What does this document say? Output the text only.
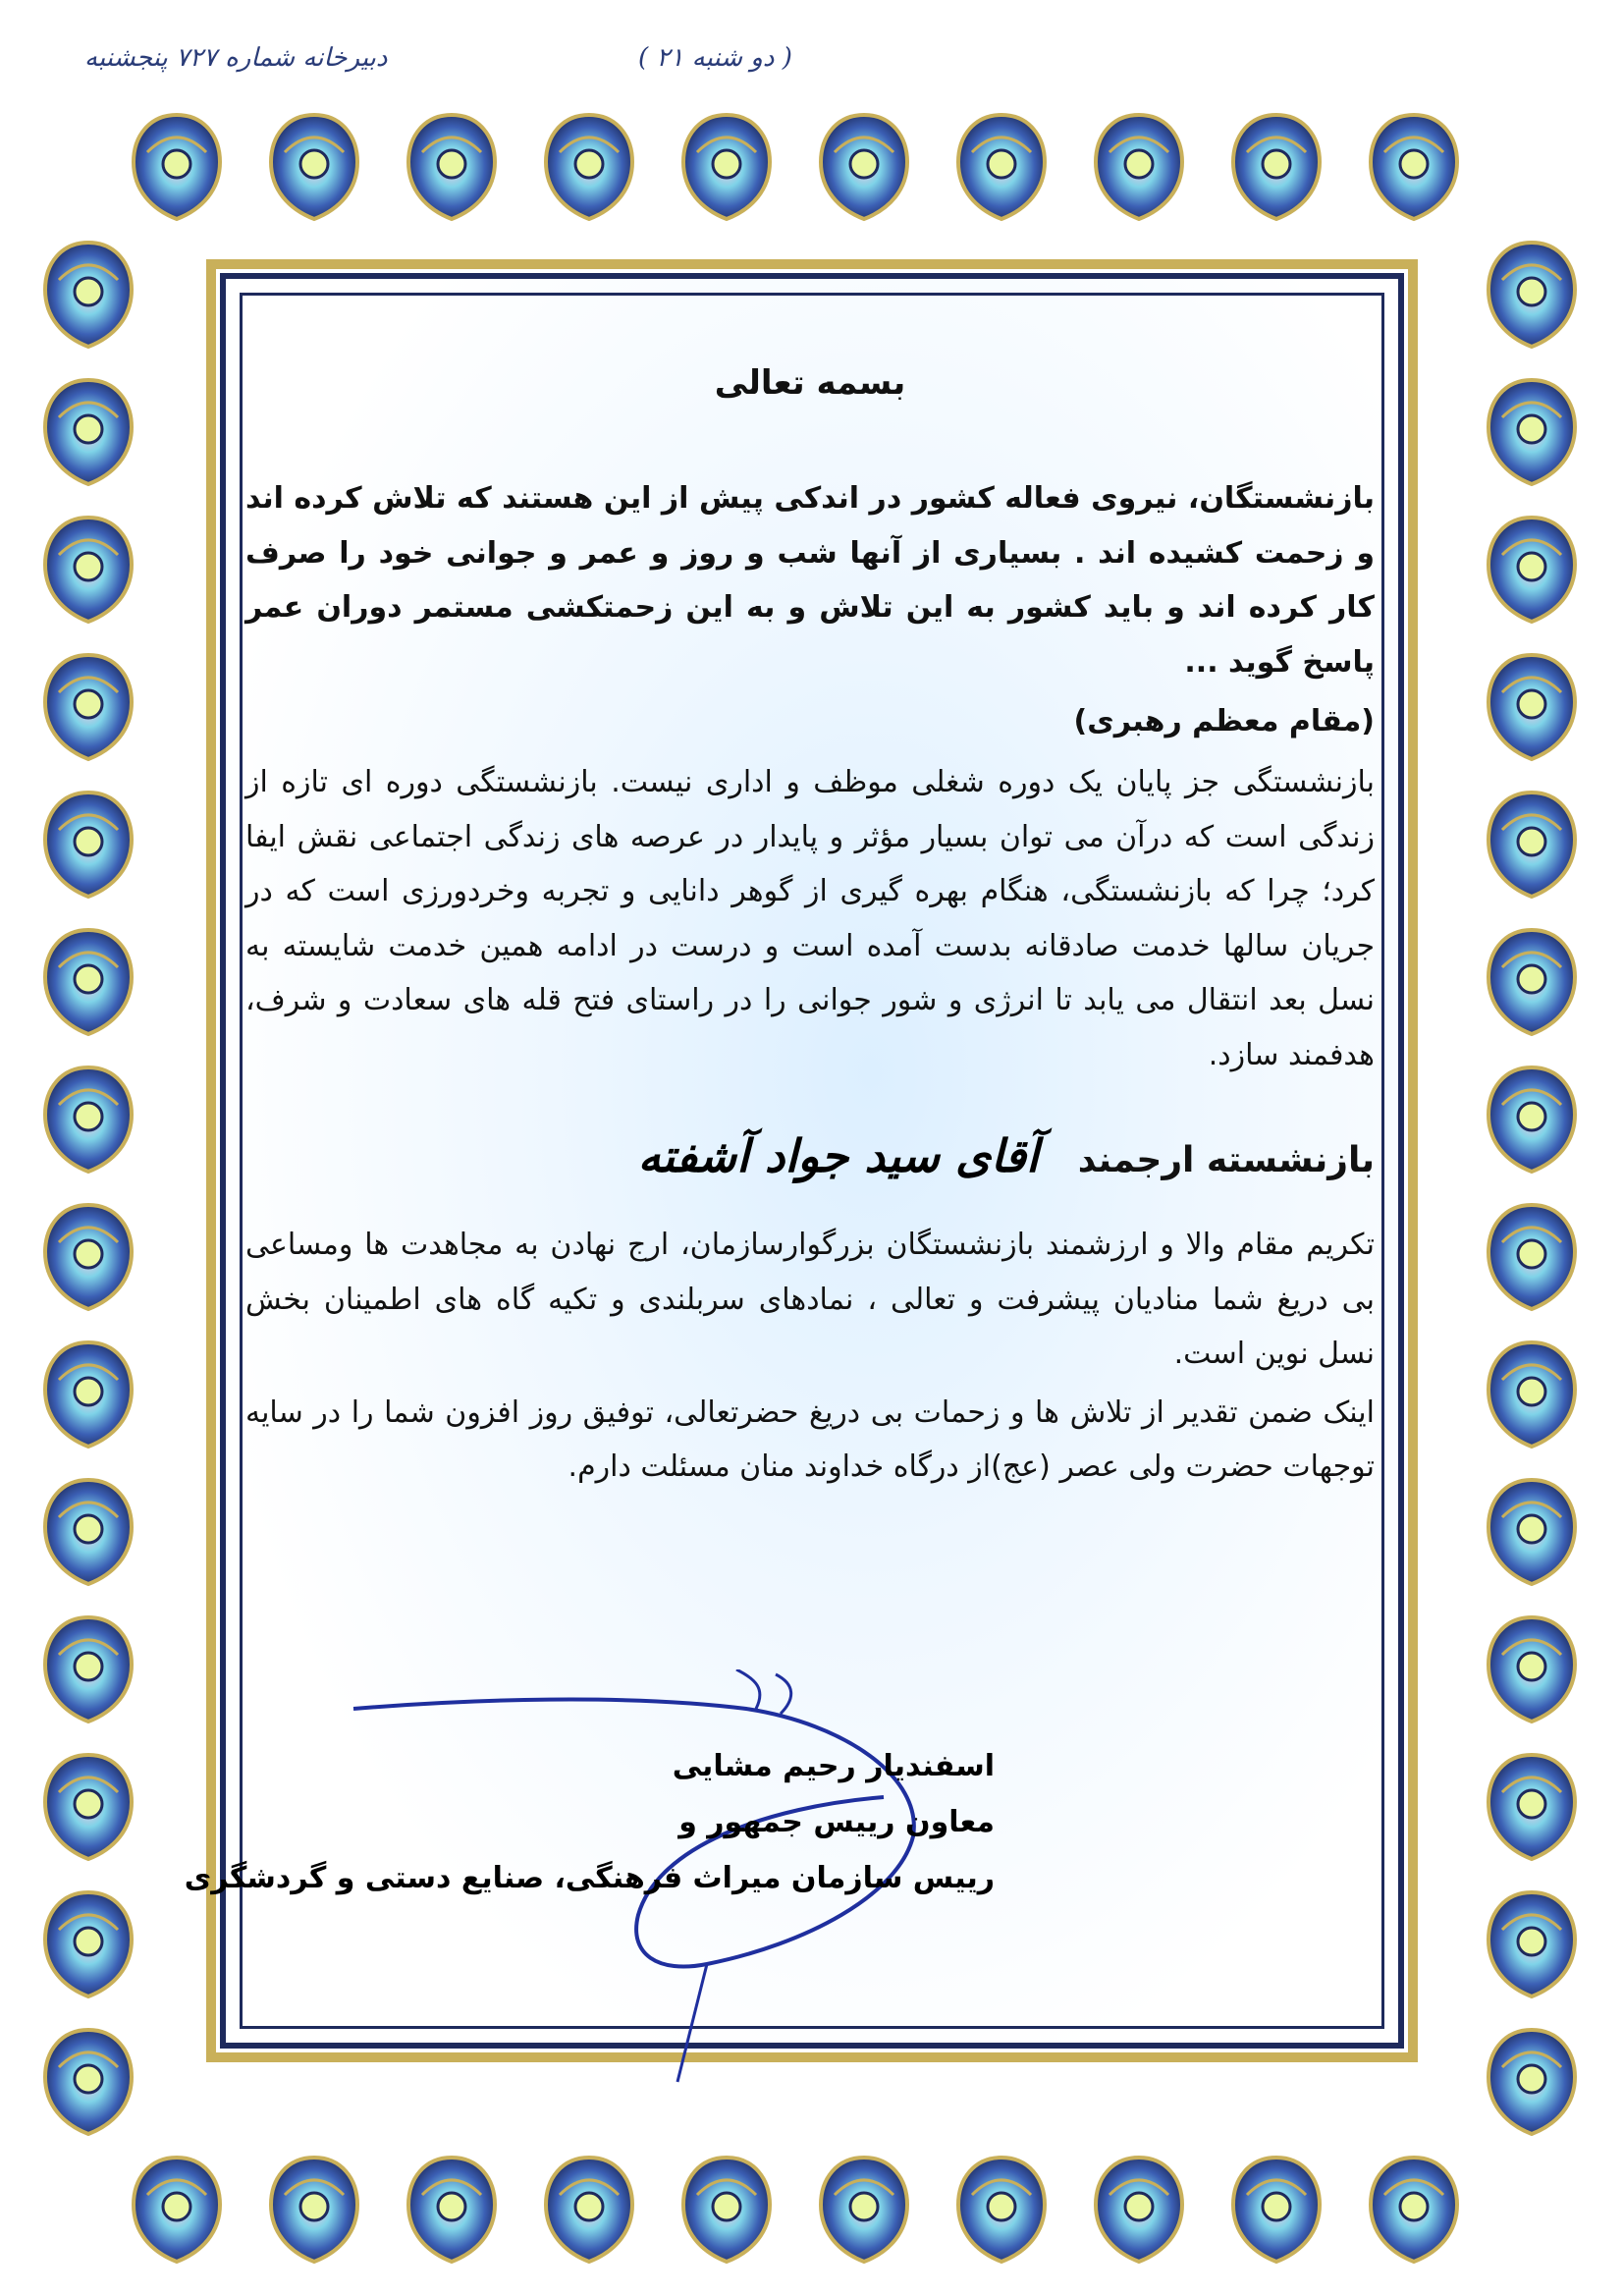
دبیرخانه شماره ۷۲۷ پنجشنبه	( دو شنبه ۲۱ )
بسمه تعالی

بازنشستگان، نیروی فعاله کشور در اندکی پیش از این هستند که تلاش کرده اند و زحمت کشیده اند . بسیاری از آنها شب و روز و عمر و جوانی خود را صرف کار کرده اند و باید کشور به این تلاش و به این زحمتکشی مستمر دوران عمر پاسخ گوید ...

(مقام معظم رهبری)

بازنشستگی جز پایان یک دوره شغلی موظف و اداری نیست. بازنشستگی دوره ای تازه از زندگی است که درآن می توان بسیار مؤثر و پایدار در عرصه های زندگی اجتماعی نقش ایفا کرد؛ چرا که بازنشستگی، هنگام بهره گیری از گوهر دانایی و تجربه وخردورزی است که در جریان سالها خدمت صادقانه بدست آمده است و درست در ادامه همین خدمت شایسته به نسل بعد انتقال می یابد تا انرژی و شور جوانی را در راستای فتح قله های سعادت و شرف، هدفمند سازد.

بازنشسته ارجمند
آقای سید جواد آشفته

تکریم مقام والا و ارزشمند بازنشستگان بزرگوارسازمان، ارج نهادن به مجاهدت ها ومساعی بی دریغ شما منادیان پیشرفت و تعالی ، نمادهای سربلندی و تکیه گاه های اطمینان بخش نسل نوین است.

اینک ضمن تقدیر از تلاش ها و زحمات بی دریغ حضرتعالی، توفیق روز افزون شما را در سایه توجهات حضرت ولی عصر (عج)از درگاه خداوند منان مسئلت دارم.

اسفندیار رحیم مشایی
معاون رییس جمهور و
رییس سازمان میراث فرهنگی، صنایع دستی و گردشگری
